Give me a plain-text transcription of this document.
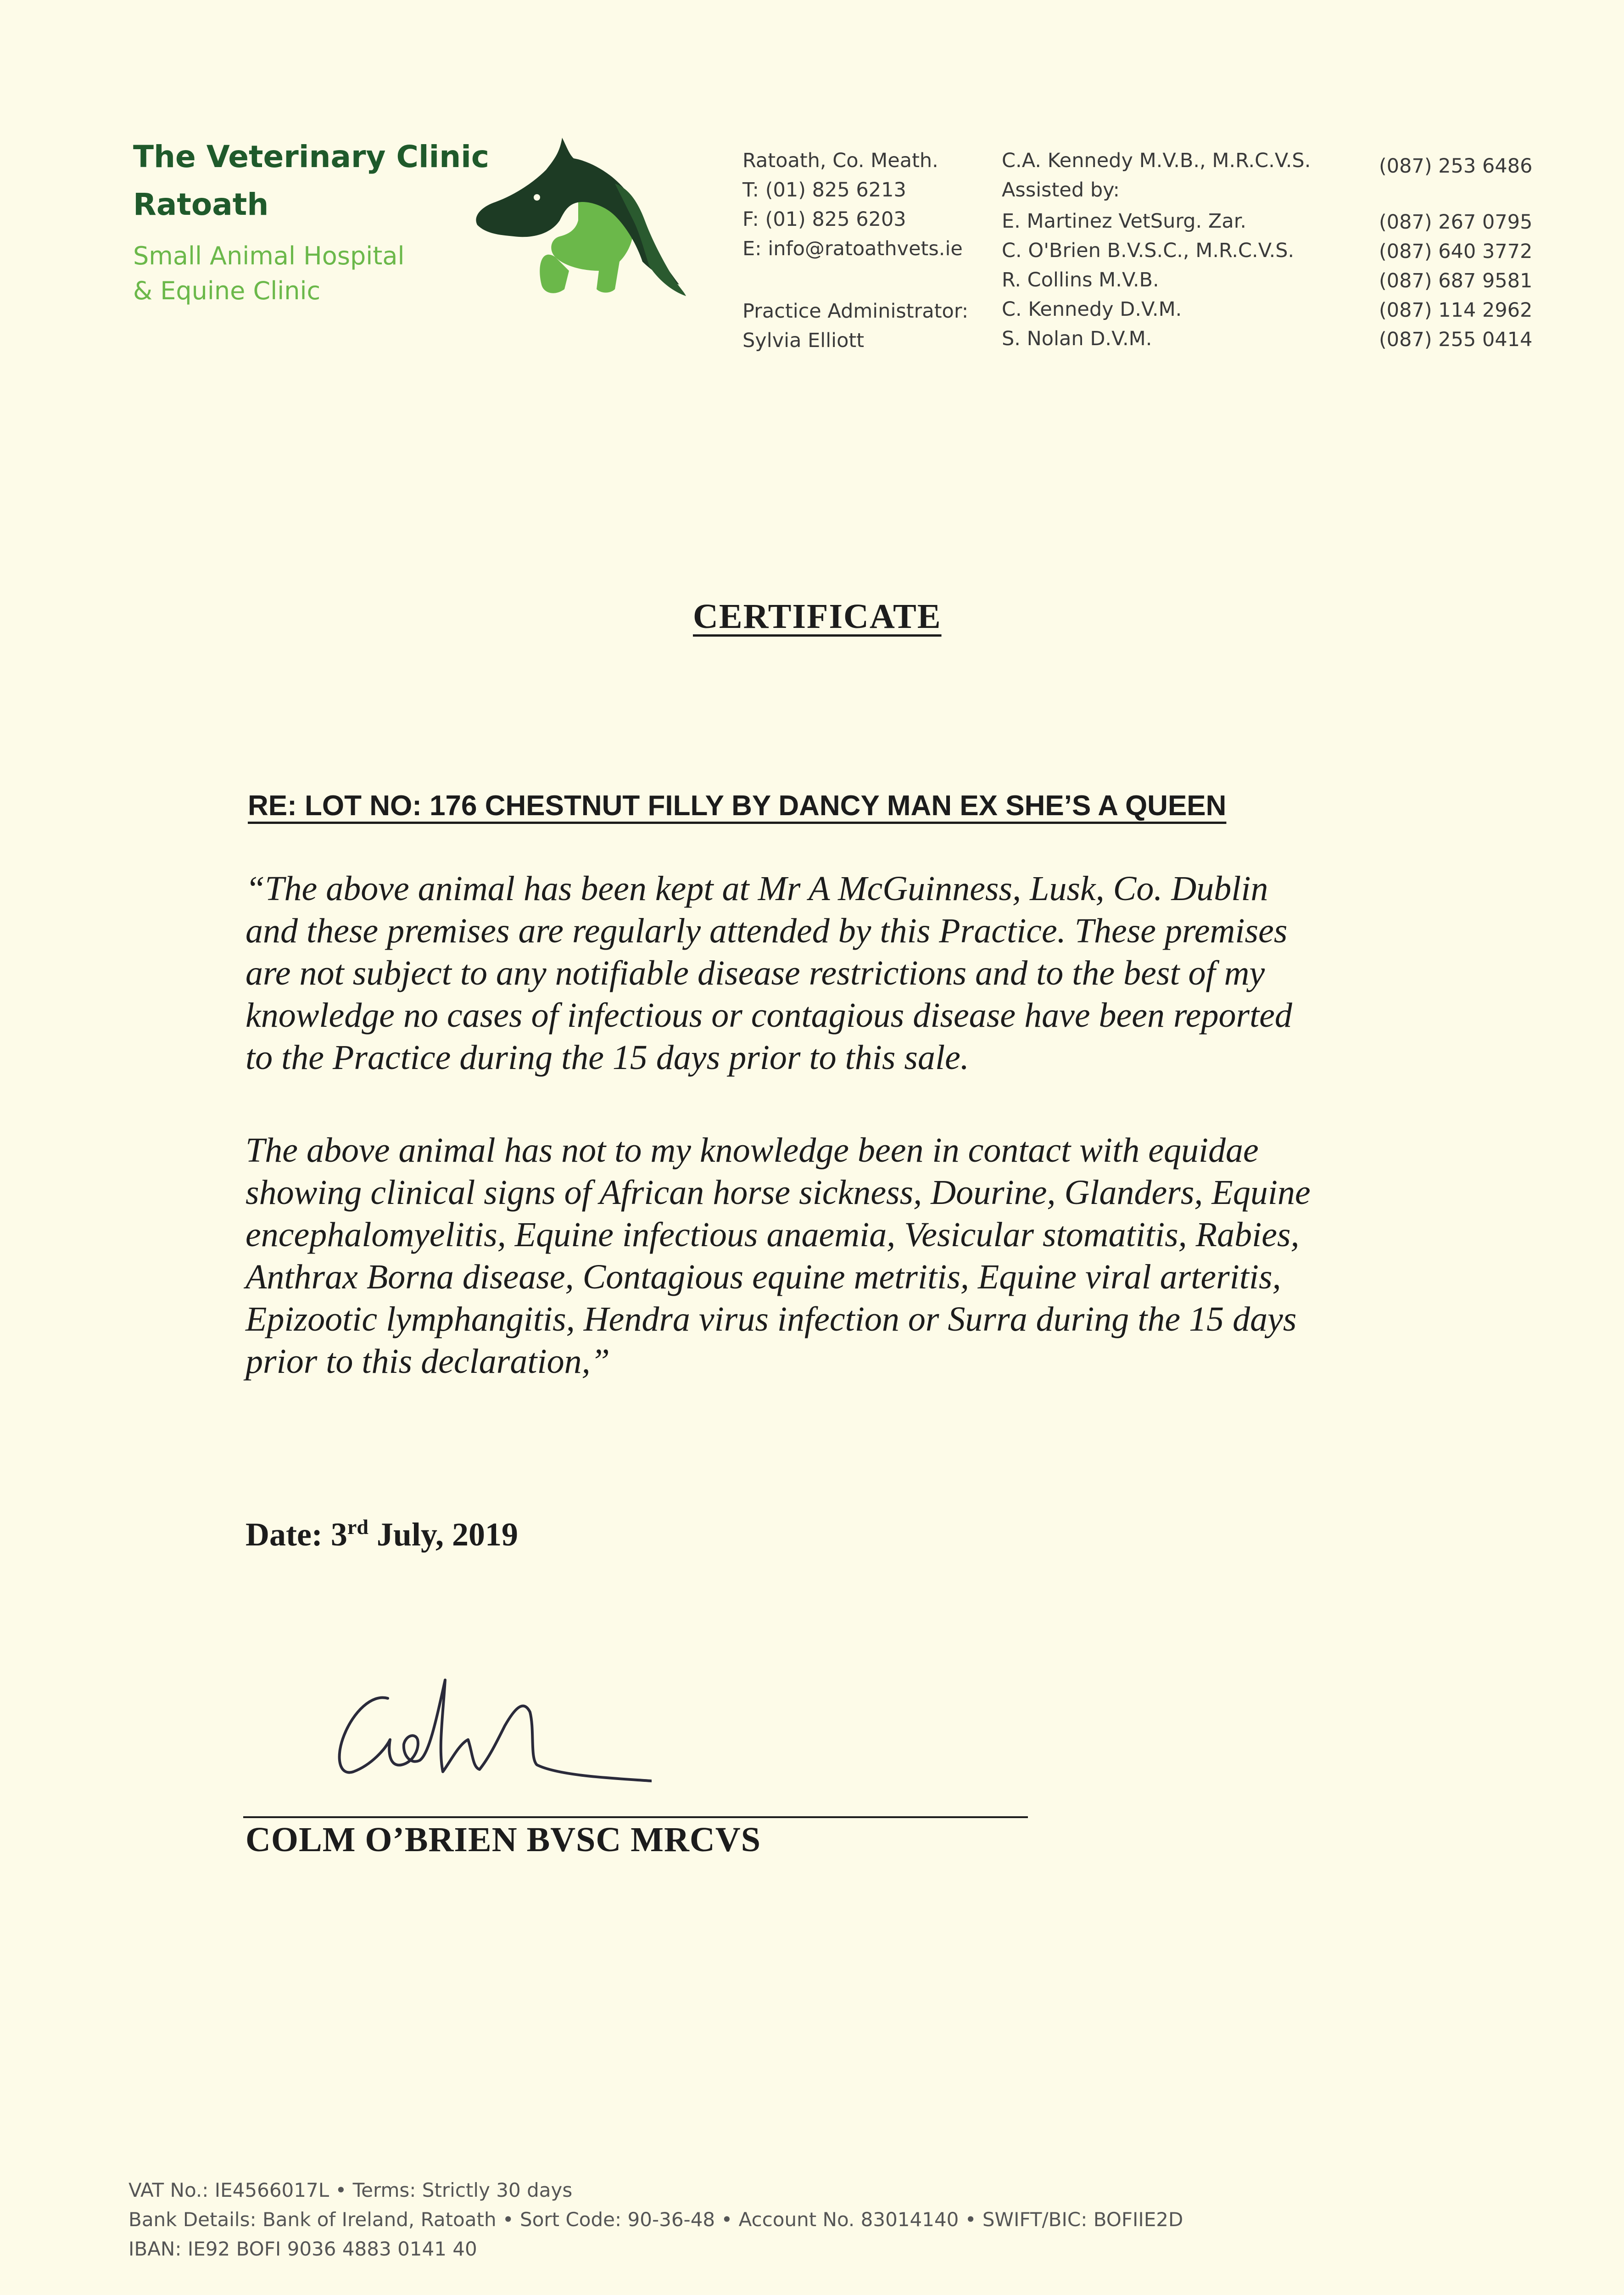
The Veterinary Clinic
Ratoath
Small Animal Hospital
& Equine Clinic
Ratoath, Co. Meath.
T: (01) 825 6213
F: (01) 825 6203
E: info@ratoathvets.ie
Practice Administrator:
Sylvia Elliott
C.A. Kennedy M.V.B., M.R.C.V.S.
Assisted by:
E. Martinez VetSurg. Zar.
C. O'Brien B.V.S.C., M.R.C.V.S.
R. Collins M.V.B.
C. Kennedy D.V.M.
S. Nolan D.V.M.
(087) 253 6486
(087) 267 0795
(087) 640 3772
(087) 687 9581
(087) 114 2962
(087) 255 0414
CERTIFICATE
RE: LOT NO: 176 CHESTNUT FILLY BY DANCY MAN EX SHE’S A QUEEN
“The above animal has been kept at Mr A McGuinness, Lusk, Co. Dublin
and these premises are regularly attended by this Practice. These premises
are not subject to any notifiable disease restrictions and to the best of my
knowledge no cases of infectious or contagious disease have been reported
to the Practice during the 15 days prior to this sale.
The above animal has not to my knowledge been in contact with equidae
showing clinical signs of African horse sickness, Dourine, Glanders, Equine
encephalomyelitis, Equine infectious anaemia, Vesicular stomatitis, Rabies,
Anthrax Borna disease, Contagious equine metritis, Equine viral arteritis,
Epizootic lymphangitis, Hendra virus infection or Surra during the 15 days
prior to this declaration,”
Date: 3rd July, 2019
COLM O’BRIEN BVSC MRCVS
VAT No.: IE4566017L • Terms: Strictly 30 days
Bank Details: Bank of Ireland, Ratoath • Sort Code: 90-36-48 • Account No. 83014140 • SWIFT/BIC: BOFIIE2D
IBAN: IE92 BOFI 9036 4883 0141 40
